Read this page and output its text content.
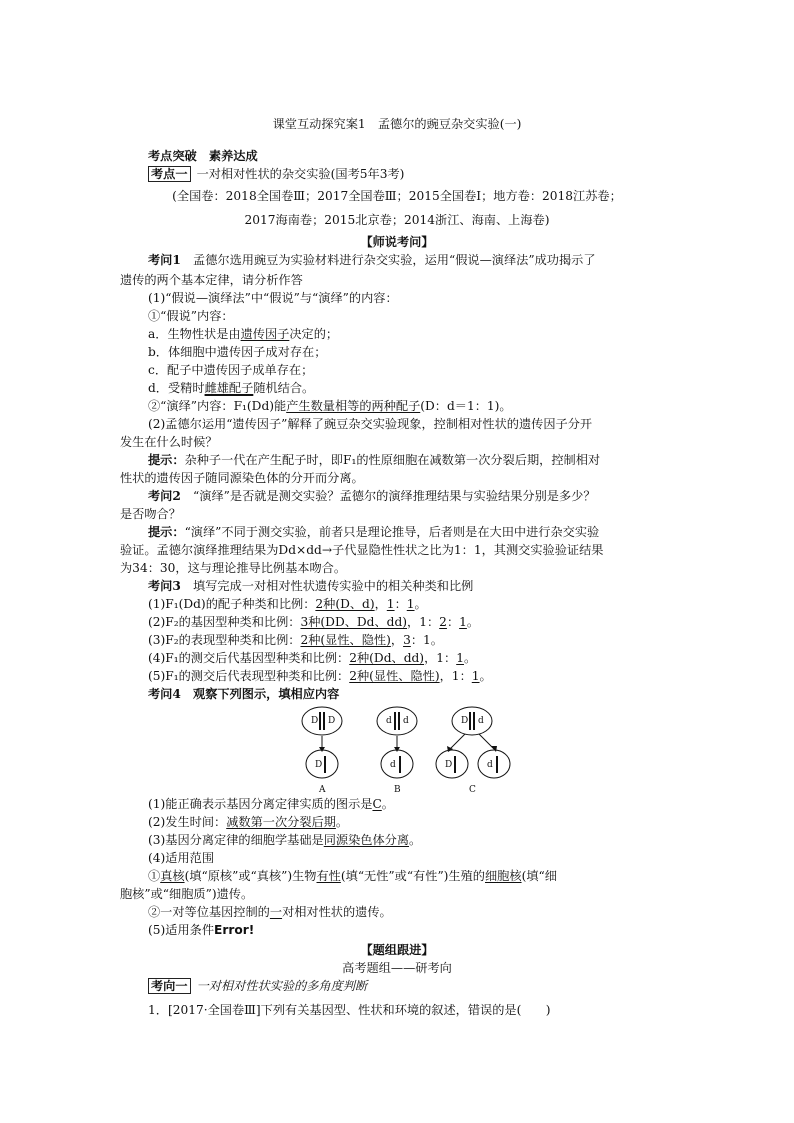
课堂互动探究案1　孟德尔的豌豆杂交实验(一)
考点突破　素养达成
考点一 一对相对性状的杂交实验(国考5年3考)
(全国卷：2018全国卷Ⅲ；2017全国卷Ⅲ；2015全国卷Ⅰ；地方卷：2018江苏卷；
2017海南卷；2015北京卷；2014浙江、海南、上海卷)
【师说考问】
考问1　 孟德尔选用豌豆为实验材料进行杂交实验，运用“假说—演绎法”成功揭示了
遗传的两个基本定律，请分析作答
(1)“假说—演绎法”中“假说”与“演绎”的内容：
①“假说”内容：
a．生物性状是由遗传因子决定的；
b．体细胞中遗传因子成对存在；
c．配子中遗传因子成单存在；
d．受精时雌雄配子随机结合。
②“演绎”内容：F₁(Dd)能产生数量相等的两种配子(D：d＝1：1)。
(2)孟德尔运用“遗传因子”解释了豌豆杂交实验现象，控制相对性状的遗传因子分开
发生在什么时候？
提示：杂种子一代在产生配子时，即F₁的性原细胞在减数第一次分裂后期，控制相对
性状的遗传因子随同源染色体的分开而分离。
考问2　 “演绎”是否就是测交实验？孟德尔的演绎推理结果与实验结果分别是多少？
是否吻合？
提示：“演绎”不同于测交实验，前者只是理论推导，后者则是在大田中进行杂交实验
验证。孟德尔演绎推理结果为Dd×dd→子代显隐性性状之比为1：1，其测交实验验证结果
为34：30，这与理论推导比例基本吻合。
考问3　 填写完成一对相对性状遗传实验中的相关种类和比例
(1)F₁(Dd)的配子种类和比例：2种(D、d)，1：1。
(2)F₂的基因型种类和比例：3种(DD、Dd、dd)，1：2：1。
(3)F₂的表现型种类和比例：2种(显性、隐性)，3：1。
(4)F₁的测交后代基因型种类和比例：2种(Dd、dd)，1：1。
(5)F₁的测交后代表现型种类和比例：2种(显性、隐性)，1：1。
考问4　 观察下列图示，填相应内容
D D
D
A
d d
d
B
D d
D	d
C
(1)能正确表示基因分离定律实质的图示是C。
(2)发生时间：减数第一次分裂后期。
(3)基因分离定律的细胞学基础是同源染色体分离。
(4)适用范围
①真核(填“原核”或“真核”)生物有性(填“无性”或“有性”)生殖的细胞核(填“细
胞核”或“细胞质”)遗传。
②一对等位基因控制的一对相对性状的遗传。
(5)适用条件Error!
【题组跟进】
高考题组——研考向
考向一 一对相对性状实验的多角度判断
1．[2017·全国卷Ⅲ]下列有关基因型、性状和环境的叙述，错误的是(　　)
